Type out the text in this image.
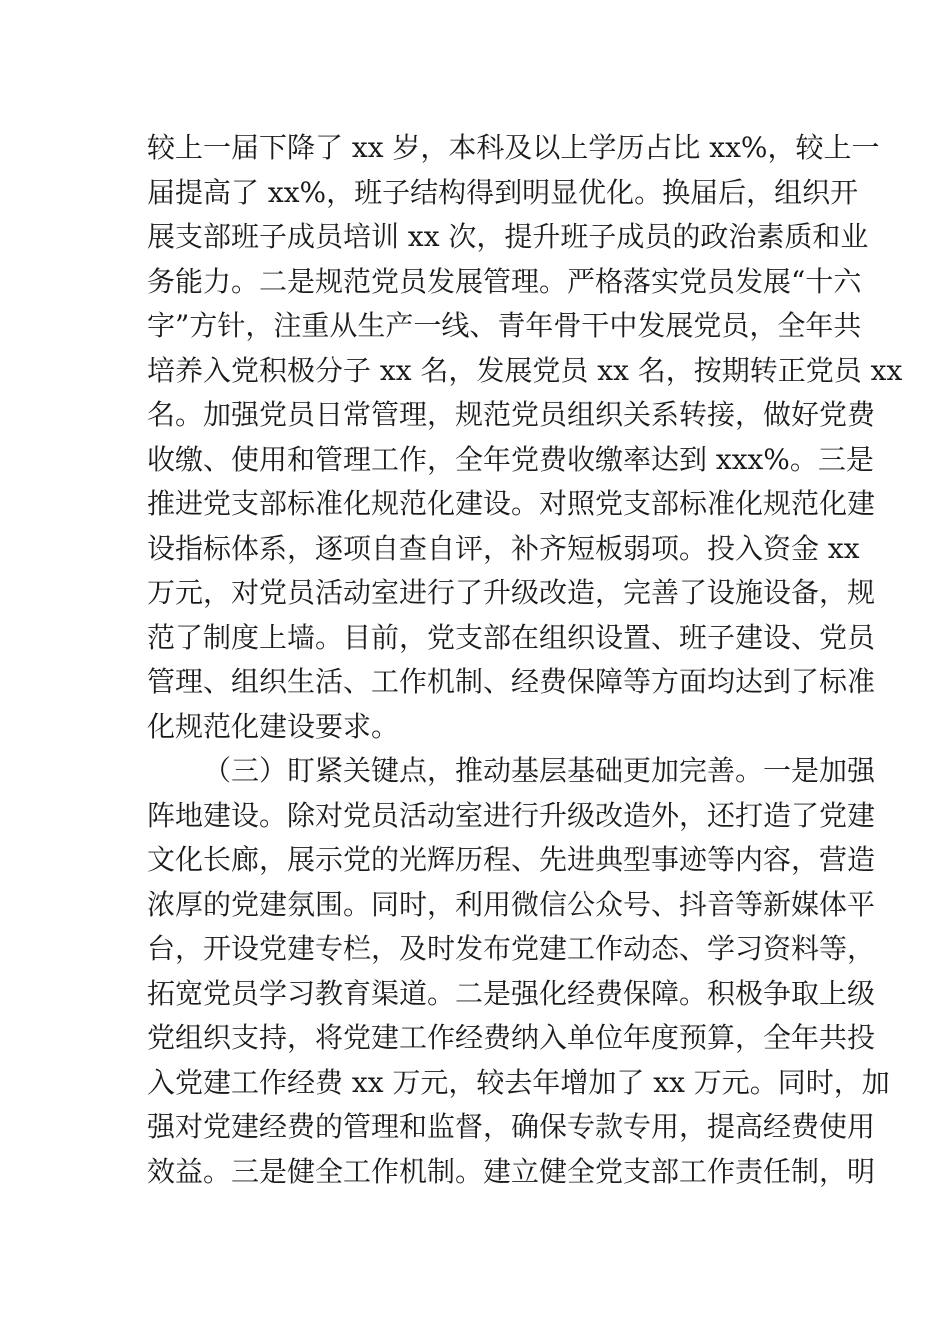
较上一届下降了 xx 岁，本科及以上学历占比 xx%，较上一
届提高了 xx%，班子结构得到明显优化。换届后，组织开
展支部班子成员培训 xx 次，提升班子成员的政治素质和业
务能力。二是规范党员发展管理。严格落实党员发展“十六
字”方针，注重从生产一线、青年骨干中发展党员，全年共
培养入党积极分子 xx 名，发展党员 xx 名，按期转正党员 xx
名。加强党员日常管理，规范党员组织关系转接，做好党费
收缴、使用和管理工作，全年党费收缴率达到 xxx%。三是
推进党支部标准化规范化建设。对照党支部标准化规范化建
设指标体系，逐项自查自评，补齐短板弱项。投入资金 xx
万元，对党员活动室进行了升级改造，完善了设施设备，规
范了制度上墙。目前，党支部在组织设置、班子建设、党员
管理、组织生活、工作机制、经费保障等方面均达到了标准
化规范化建设要求。
（三）盯紧关键点，推动基层基础更加完善。一是加强
阵地建设。除对党员活动室进行升级改造外，还打造了党建
文化长廊，展示党的光辉历程、先进典型事迹等内容，营造
浓厚的党建氛围。同时，利用微信公众号、抖音等新媒体平
台，开设党建专栏，及时发布党建工作动态、学习资料等，
拓宽党员学习教育渠道。二是强化经费保障。积极争取上级
党组织支持，将党建工作经费纳入单位年度预算，全年共投
入党建工作经费 xx 万元，较去年增加了 xx 万元。同时，加
强对党建经费的管理和监督，确保专款专用，提高经费使用
效益。三是健全工作机制。建立健全党支部工作责任制，明
